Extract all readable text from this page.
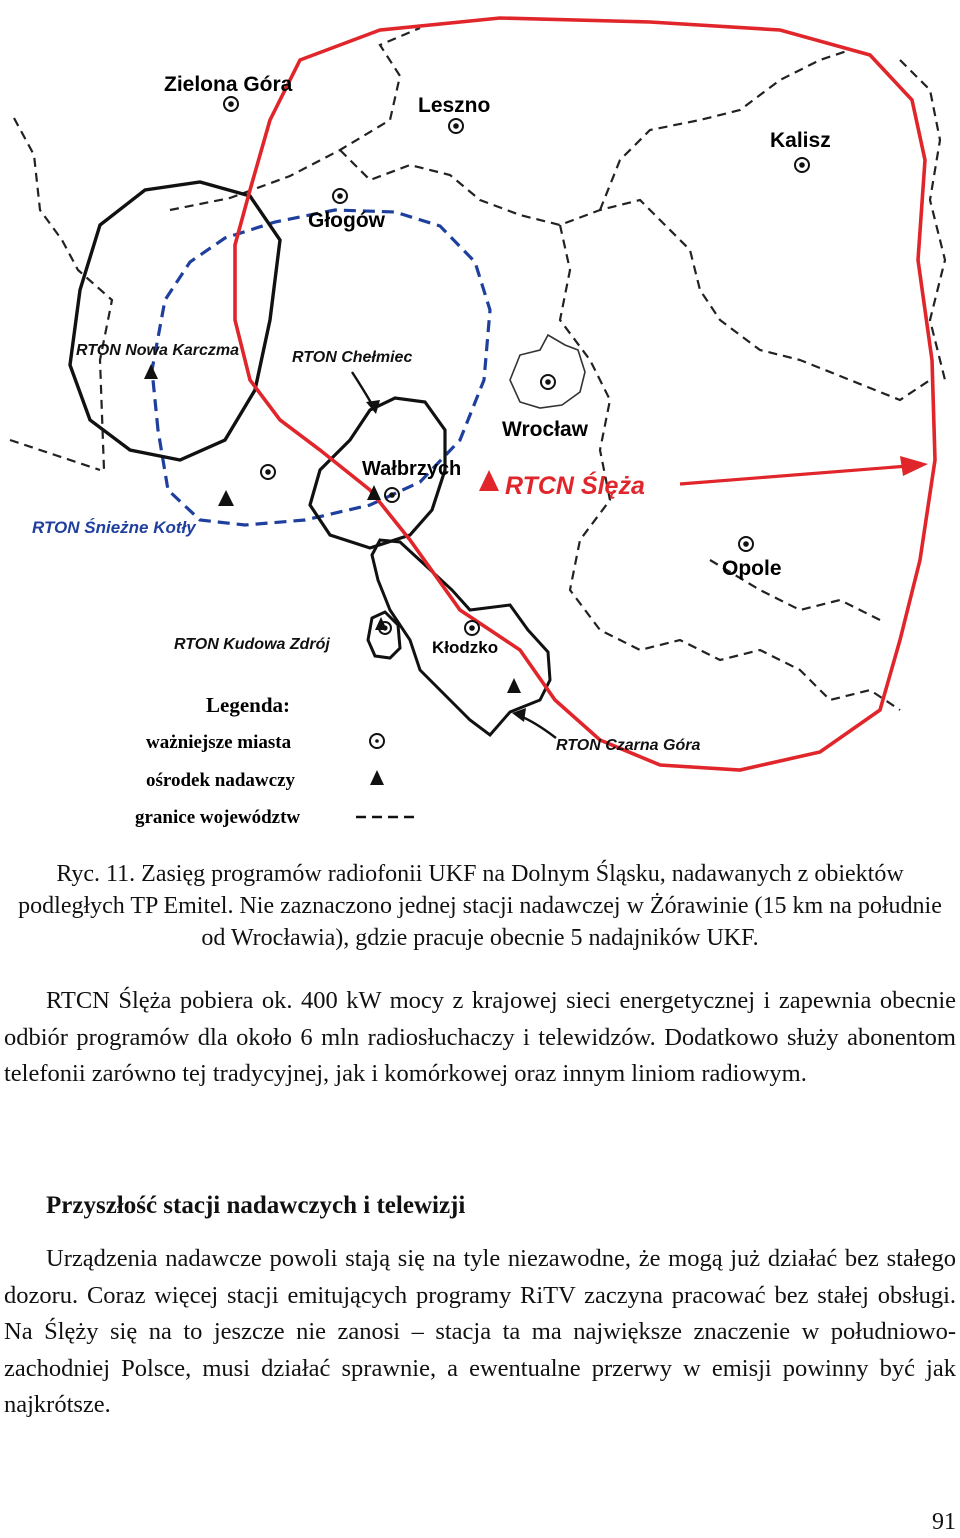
Zielona Góra
Leszno
Kalisz
Głogów
Wrocław
Wałbrzych
Opole
Kłodzko
RTON Nowa Karczma	RTON Chełmiec
RTON Śnieżne Kotły
RTCN Ślęża
RTON Kudowa Zdrój
RTON Czarna Góra
Legenda:
ważniejsze miasta
ośrodek nadawczy
granice województw
Ryc. 11. Zasięg programów radiofonii UKF na Dolnym Śląsku, nadawanych z obiektów podległych TP Emitel. Nie zaznaczono jednej stacji nadawczej w Żórawinie (15 km na południe od Wrocławia), gdzie pracuje obecnie 5 nadajników UKF.

RTCN Ślęża pobiera ok. 400 kW mocy z krajowej sieci energetycznej i zapewnia obecnie odbiór programów dla około 6 mln radiosłuchaczy i telewidzów. Dodatkowo służy abonentom telefonii zarówno tej tradycyjnej, jak i komórkowej oraz innym liniom radiowym.

Przyszłość stacji nadawczych i telewizji

Urządzenia nadawcze powoli stają się na tyle niezawodne, że mogą już działać bez stałego dozoru. Coraz więcej stacji emitujących programy RiTV zaczyna pracować bez stałej obsługi. Na Ślęży się na to jeszcze nie zanosi – stacja ta ma największe znaczenie w południowo-zachodniej Polsce, musi działać sprawnie, a ewentualne przerwy w emisji powinny być jak najkrótsze.

91
